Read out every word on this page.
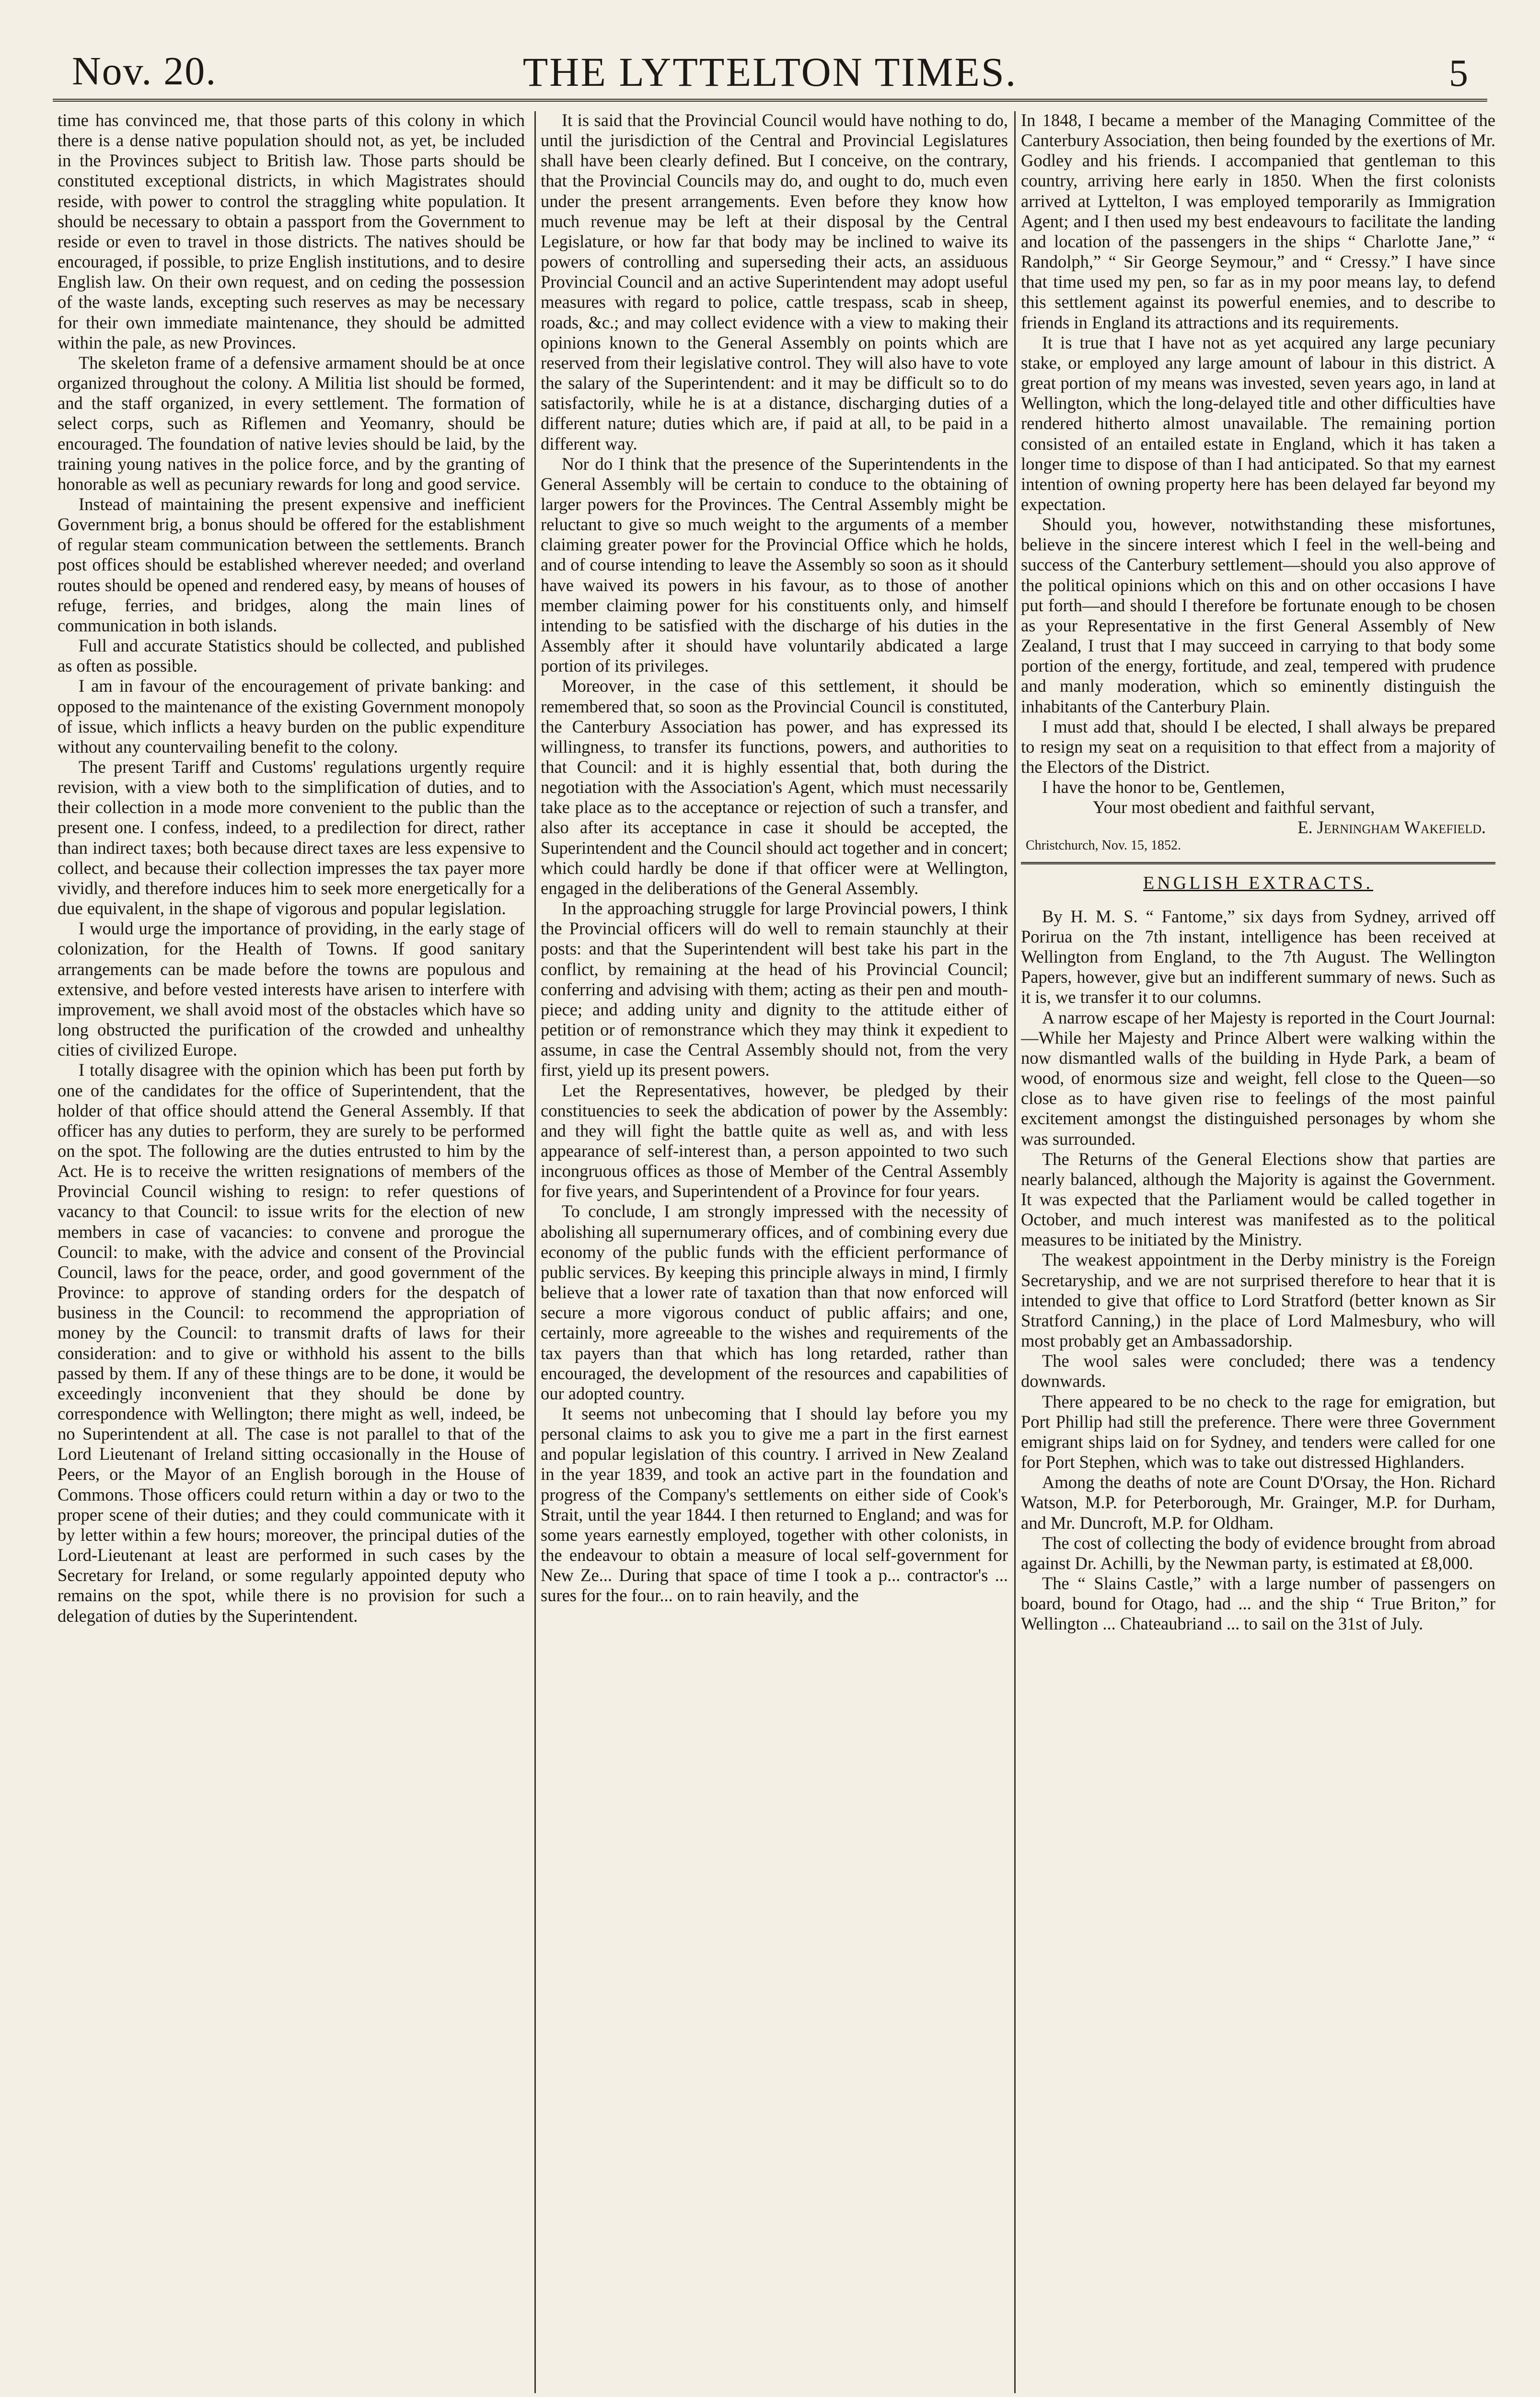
Nov. 20.	THE LYTTELTON TIMES.	5

time has convinced me, that those parts of this colony in which there is a dense native population should not, as yet, be included in the Provinces subject to British law. Those parts should be constituted exceptional districts, in which Magistrates should reside, with power to control the straggling white population. It should be necessary to obtain a passport from the Government to reside or even to travel in those districts. The natives should be encouraged, if possible, to prize English institutions, and to desire English law. On their own request, and on ceding the possession of the waste lands, excepting such reserves as may be necessary for their own immediate maintenance, they should be admitted within the pale, as new Provinces.

The skeleton frame of a defensive armament should be at once organized throughout the colony. A Militia list should be formed, and the staff organized, in every settlement. The formation of select corps, such as Riflemen and Yeomanry, should be encouraged. The foundation of native levies should be laid, by the training young natives in the police force, and by the granting of honorable as well as pecuniary rewards for long and good service.

Instead of maintaining the present expensive and inefficient Government brig, a bonus should be offered for the establishment of regular steam communication between the settlements. Branch post offices should be established wherever needed; and overland routes should be opened and rendered easy, by means of houses of refuge, ferries, and bridges, along the main lines of communication in both islands.

Full and accurate Statistics should be collected, and published as often as possible.

I am in favour of the encouragement of private banking: and opposed to the maintenance of the existing Government monopoly of issue, which inflicts a heavy burden on the public expenditure without any countervailing benefit to the colony.

The present Tariff and Customs' regulations urgently require revision, with a view both to the simplification of duties, and to their collection in a mode more convenient to the public than the present one. I confess, indeed, to a predilection for direct, rather than indirect taxes; both because direct taxes are less expensive to collect, and because their collection impresses the tax payer more vividly, and therefore induces him to seek more energetically for a due equivalent, in the shape of vigorous and popular legislation.

I would urge the importance of providing, in the early stage of colonization, for the Health of Towns. If good sanitary arrangements can be made before the towns are populous and extensive, and before vested interests have arisen to interfere with improvement, we shall avoid most of the obstacles which have so long obstructed the purification of the crowded and unhealthy cities of civilized Europe.

I totally disagree with the opinion which has been put forth by one of the candidates for the office of Superintendent, that the holder of that office should attend the General Assembly. If that officer has any duties to perform, they are surely to be performed on the spot. The following are the duties entrusted to him by the Act. He is to receive the written resignations of members of the Provincial Council wishing to resign: to refer questions of vacancy to that Council: to issue writs for the election of new members in case of vacancies: to convene and prorogue the Council: to make, with the advice and consent of the Provincial Council, laws for the peace, order, and good government of the Province: to approve of standing orders for the despatch of business in the Council: to recommend the appropriation of money by the Council: to transmit drafts of laws for their consideration: and to give or withhold his assent to the bills passed by them. If any of these things are to be done, it would be exceedingly inconvenient that they should be done by correspondence with Wellington; there might as well, indeed, be no Superintendent at all. The case is not parallel to that of the Lord Lieutenant of Ireland sitting occasionally in the House of Peers, or the Mayor of an English borough in the House of Commons. Those officers could return within a day or two to the proper scene of their duties; and they could communicate with it by letter within a few hours; moreover, the principal duties of the Lord-Lieutenant at least are performed in such cases by the Secretary for Ireland, or some regularly appointed deputy who remains on the spot, while there is no provision for such a delegation of duties by the Superintendent.

It is said that the Provincial Council would have nothing to do, until the jurisdiction of the Central and Provincial Legislatures shall have been clearly defined. But I conceive, on the contrary, that the Provincial Councils may do, and ought to do, much even under the present arrangements. Even before they know how much revenue may be left at their disposal by the Central Legislature, or how far that body may be inclined to waive its powers of controlling and superseding their acts, an assiduous Provincial Council and an active Superintendent may adopt useful measures with regard to police, cattle trespass, scab in sheep, roads, &c.; and may collect evidence with a view to making their opinions known to the General Assembly on points which are reserved from their legislative control. They will also have to vote the salary of the Superintendent: and it may be difficult so to do satisfactorily, while he is at a distance, discharging duties of a different nature; duties which are, if paid at all, to be paid in a different way.

Nor do I think that the presence of the Superintendents in the General Assembly will be certain to conduce to the obtaining of larger powers for the Provinces. The Central Assembly might be reluctant to give so much weight to the arguments of a member claiming greater power for the Provincial Office which he holds, and of course intending to leave the Assembly so soon as it should have waived its powers in his favour, as to those of another member claiming power for his constituents only, and himself intending to be satisfied with the discharge of his duties in the Assembly after it should have voluntarily abdicated a large portion of its privileges.

Moreover, in the case of this settlement, it should be remembered that, so soon as the Provincial Council is constituted, the Canterbury Association has power, and has expressed its willingness, to transfer its functions, powers, and authorities to that Council: and it is highly essential that, both during the negotiation with the Association's Agent, which must necessarily take place as to the acceptance or rejection of such a transfer, and also after its acceptance in case it should be accepted, the Superintendent and the Council should act together and in concert; which could hardly be done if that officer were at Wellington, engaged in the deliberations of the General Assembly.

In the approaching struggle for large Provincial powers, I think the Provincial officers will do well to remain staunchly at their posts: and that the Superintendent will best take his part in the conflict, by remaining at the head of his Provincial Council; conferring and advising with them; acting as their pen and mouth-piece; and adding unity and dignity to the attitude either of petition or of remonstrance which they may think it expedient to assume, in case the Central Assembly should not, from the very first, yield up its present powers.

Let the Representatives, however, be pledged by their constituencies to seek the abdication of power by the Assembly: and they will fight the battle quite as well as, and with less appearance of self-interest than, a person appointed to two such incongruous offices as those of Member of the Central Assembly for five years, and Superintendent of a Province for four years.

To conclude, I am strongly impressed with the necessity of abolishing all supernumerary offices, and of combining every due economy of the public funds with the efficient performance of public services. By keeping this principle always in mind, I firmly believe that a lower rate of taxation than that now enforced will secure a more vigorous conduct of public affairs; and one, certainly, more agreeable to the wishes and requirements of the tax payers than that which has long retarded, rather than encouraged, the development of the resources and capabilities of our adopted country.

It seems not unbecoming that I should lay before you my personal claims to ask you to give me a part in the first earnest and popular legislation of this country. I arrived in New Zealand in the year 1839, and took an active part in the foundation and progress of the Company's settlements on either side of Cook's Strait, until the year 1844. I then returned to England; and was for some years earnestly employed, together with other colonists, in the endeavour to obtain a measure of local self-government for New Ze... During that space of time I took a p... contractor's ... sures for the four... on to rain heavily, and the

In 1848, I became a member of the Managing Committee of the Canterbury Association, then being founded by the exertions of Mr. Godley and his friends. I accompanied that gentleman to this country, arriving here early in 1850. When the first colonists arrived at Lyttelton, I was employed temporarily as Immigration Agent; and I then used my best endeavours to facilitate the landing and location of the passengers in the ships “ Charlotte Jane,” “ Randolph,” “ Sir George Seymour,” and “ Cressy.” I have since that time used my pen, so far as in my poor means lay, to defend this settlement against its powerful enemies, and to describe to friends in England its attractions and its requirements.

It is true that I have not as yet acquired any large pecuniary stake, or employed any large amount of labour in this district. A great portion of my means was invested, seven years ago, in land at Wellington, which the long-delayed title and other difficulties have rendered hitherto almost unavailable. The remaining portion consisted of an entailed estate in England, which it has taken a longer time to dispose of than I had anticipated. So that my earnest intention of owning property here has been delayed far beyond my expectation.

Should you, however, notwithstanding these misfortunes, believe in the sincere interest which I feel in the well-being and success of the Canterbury settlement—should you also approve of the political opinions which on this and on other occasions I have put forth—and should I therefore be fortunate enough to be chosen as your Representative in the first General Assembly of New Zealand, I trust that I may succeed in carrying to that body some portion of the energy, fortitude, and zeal, tempered with prudence and manly moderation, which so eminently distinguish the inhabitants of the Canterbury Plain.

I must add that, should I be elected, I shall always be prepared to resign my seat on a requisition to that effect from a majority of the Electors of the District.

I have the honor to be, Gentlemen,

Your most obedient and faithful servant,

E. Jerningham Wakefield.

Christchurch, Nov. 15, 1852.

ENGLISH EXTRACTS.

By H. M. S. “ Fantome,” six days from Sydney, arrived off Porirua on the 7th instant, intelligence has been received at Wellington from England, to the 7th August. The Wellington Papers, however, give but an indifferent summary of news. Such as it is, we transfer it to our columns.

A narrow escape of her Majesty is reported in the Court Journal:—While her Majesty and Prince Albert were walking within the now dismantled walls of the building in Hyde Park, a beam of wood, of enormous size and weight, fell close to the Queen—so close as to have given rise to feelings of the most painful excitement amongst the distinguished personages by whom she was surrounded.

The Returns of the General Elections show that parties are nearly balanced, although the Majority is against the Government. It was expected that the Parliament would be called together in October, and much interest was manifested as to the political measures to be initiated by the Ministry.

The weakest appointment in the Derby ministry is the Foreign Secretaryship, and we are not surprised therefore to hear that it is intended to give that office to Lord Stratford (better known as Sir Stratford Canning,) in the place of Lord Malmesbury, who will most probably get an Ambassadorship.

The wool sales were concluded; there was a tendency downwards.

There appeared to be no check to the rage for emigration, but Port Phillip had still the preference. There were three Government emigrant ships laid on for Sydney, and tenders were called for one for Port Stephen, which was to take out distressed Highlanders.

Among the deaths of note are Count D'Orsay, the Hon. Richard Watson, M.P. for Peterborough, Mr. Grainger, M.P. for Durham, and Mr. Duncroft, M.P. for Oldham.

The cost of collecting the body of evidence brought from abroad against Dr. Achilli, by the Newman party, is estimated at £8,000.

The “ Slains Castle,” with a large number of passengers on board, bound for Otago, had ... and the ship “ True Briton,” for Wellington ... Chateaubriand ... to sail on the 31st of July.
